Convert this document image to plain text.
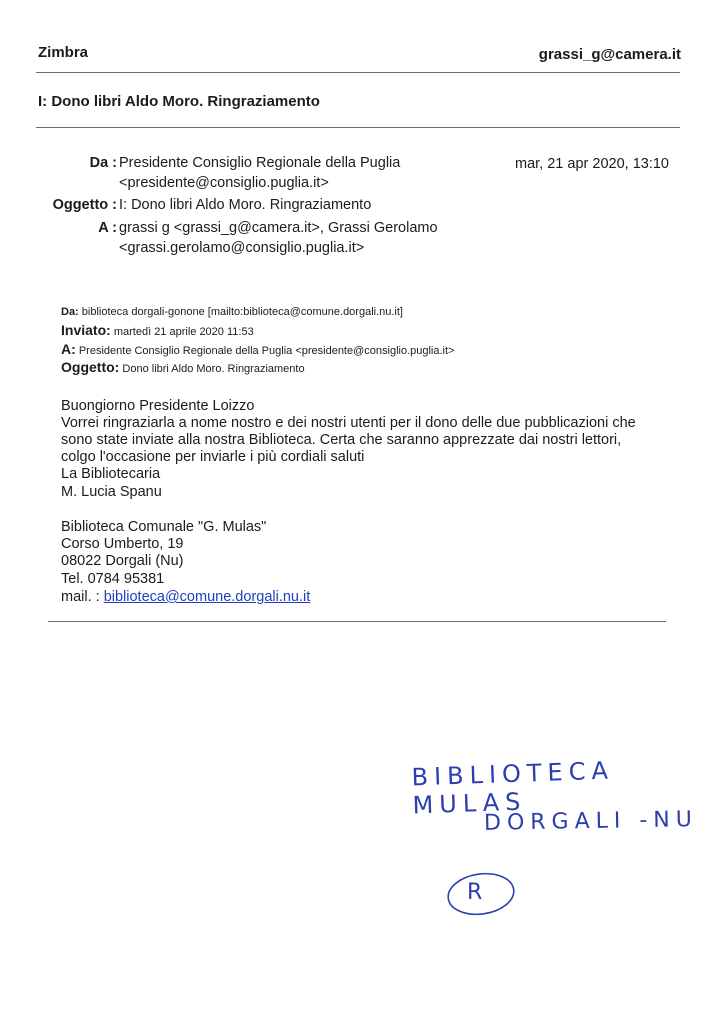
Zimbra	grassi_g@camera.it
I: Dono libri Aldo Moro. Ringraziamento
Da : Presidente Consiglio Regionale della Puglia
<presidente@consiglio.puglia.it>
mar, 21 apr 2020, 13:10
Oggetto : I: Dono libri Aldo Moro. Ringraziamento
A : grassi g <grassi_g@camera.it>, Grassi Gerolamo
<grassi.gerolamo@consiglio.puglia.it>
Da: biblioteca dorgali-gonone [mailto:biblioteca@comune.dorgali.nu.it]
Inviato: martedì 21 aprile 2020 11:53
A: Presidente Consiglio Regionale della Puglia <presidente@consiglio.puglia.it>
Oggetto: Dono libri Aldo Moro. Ringraziamento
Buongiorno Presidente Loizzo
Vorrei ringraziarla a nome nostro e dei nostri utenti per il dono delle due pubblicazioni che
sono state inviate alla nostra Biblioteca. Certa che saranno apprezzate dai nostri lettori,
colgo l'occasione per inviarle i più cordiali saluti
La Bibliotecaria
M. Lucia Spanu
Biblioteca Comunale "G. Mulas"
Corso Umberto, 19
08022 Dorgali (Nu)
Tel. 0784 95381
mail. : biblioteca@comune.dorgali.nu.it
BIBLIOTECA MULAS
DORGALI -NU
R
